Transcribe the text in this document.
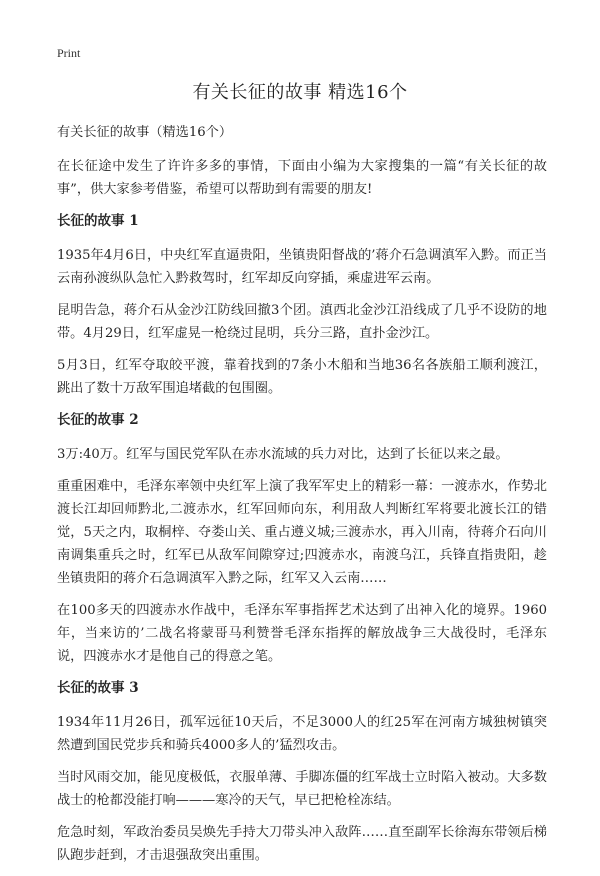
Print
有关长征的故事 精选16个

有关长征的故事（精选16个）

在长征途中发生了许许多多的事情，下面由小编为大家搜集的一篇“有关长征的故事”，供大家参考借鉴，希望可以帮助到有需要的朋友!

长征的故事 1

1935年4月6日，中央红军直逼贵阳，坐镇贵阳督战的’蒋介石急调滇军入黔。而正当云南孙渡纵队急忙入黔救驾时，红军却反向穿插，乘虚进军云南。

昆明告急，蒋介石从金沙江防线回撤3个团。滇西北金沙江沿线成了几乎不设防的地带。4月29日，红军虚晃一枪绕过昆明，兵分三路，直扑金沙江。

5月3日，红军夺取皎平渡，靠着找到的7条小木船和当地36名各族船工顺利渡江，跳出了数十万敌军围追堵截的包围圈。

长征的故事 2

3万:40万。红军与国民党军队在赤水流域的兵力对比，达到了长征以来之最。

重重困难中，毛泽东率领中央红军上演了我军军史上的精彩一幕：一渡赤水，作势北渡长江却回师黔北,二渡赤水，红军回师向东，利用敌人判断红军将要北渡长江的错觉，5天之内，取桐梓、夺娄山关、重占遵义城;三渡赤水，再入川南，待蒋介石向川南调集重兵之时，红军已从敌军间隙穿过;四渡赤水，南渡乌江，兵锋直指贵阳，趁坐镇贵阳的蒋介石急调滇军入黔之际，红军又入云南……

在100多天的四渡赤水作战中，毛泽东军事指挥艺术达到了出神入化的境界。1960年，当来访的’二战名将蒙哥马利赞誉毛泽东指挥的解放战争三大战役时，毛泽东说，四渡赤水才是他自己的得意之笔。

长征的故事 3

1934年11月26日，孤军远征10天后，不足3000人的红25军在河南方城独树镇突然遭到国民党步兵和骑兵4000多人的’猛烈攻击。

当时风雨交加，能见度极低，衣服单薄、手脚冻僵的红军战士立时陷入被动。大多数战士的枪都没能打响———寒冷的天气，早已把枪栓冻结。

危急时刻，军政治委员吴焕先手持大刀带头冲入敌阵……直至副军长徐海东带领后梯队跑步赶到，才击退强敌突出重围。
